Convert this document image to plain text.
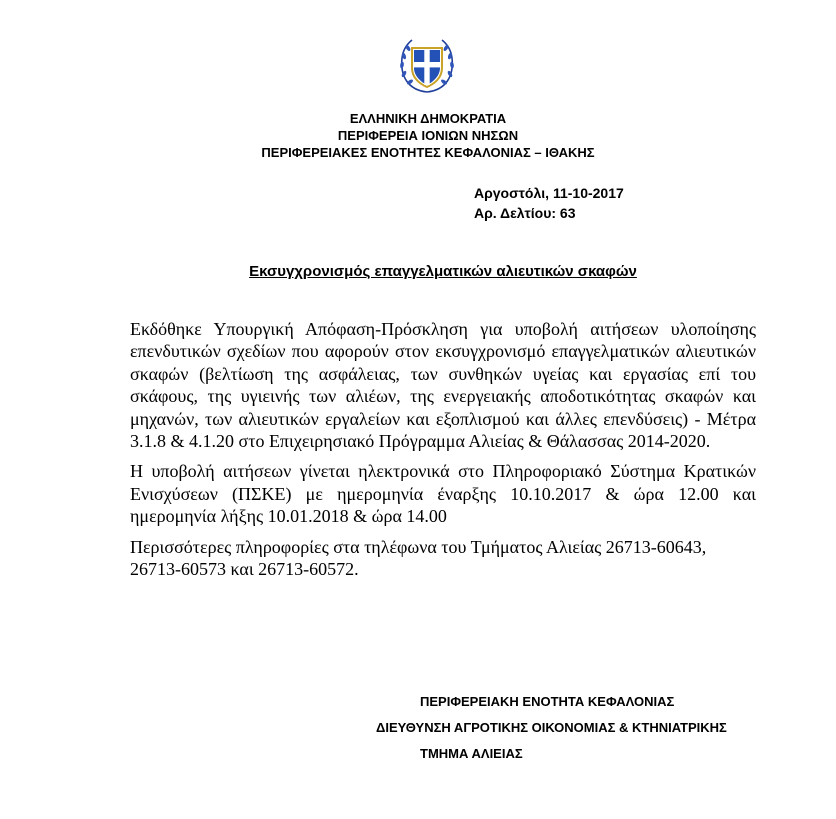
ΕΛΛΗΝΙΚΗ ΔΗΜΟΚΡΑΤΙΑ
ΠΕΡΙΦΕΡΕΙΑ ΙΟΝΙΩΝ ΝΗΣΩΝ
ΠΕΡΙΦΕΡΕΙΑΚΕΣ ΕΝΟΤΗΤΕΣ ΚΕΦΑΛΟΝΙΑΣ – ΙΘΑΚΗΣ
Αργοστόλι, 11-10-2017
Αρ. Δελτίου: 63
Εκσυγχρονισμός επαγγελματικών αλιευτικών σκαφών

Εκδόθηκε Υπουργική Απόφαση-Πρόσκληση για υποβολή αιτήσεων υλοποίησης επενδυτικών σχεδίων που αφορούν στον εκσυγχρονισμό επαγγελματικών αλιευτικών σκαφών (βελτίωση της ασφάλειας, των συνθηκών υγείας και εργασίας επί του σκάφους, της υγιεινής των αλιέων, της ενεργειακής αποδοτικότητας σκαφών και μηχανών, των αλιευτικών εργαλείων και εξοπλισμού και άλλες επενδύσεις) - Μέτρα 3.1.8 & 4.1.20 στο Επιχειρησιακό Πρόγραμμα Αλιείας & Θάλασσας 2014-2020.

Η υποβολή αιτήσεων γίνεται ηλεκτρονικά στο Πληροφοριακό Σύστημα Κρατικών Ενισχύσεων (ΠΣΚΕ) με ημερομηνία έναρξης 10.10.2017 & ώρα 12.00 και ημερομηνία λήξης 10.01.2018 & ώρα 14.00

Περισσότερες πληροφορίες στα τηλέφωνα του Τμήματος Αλιείας 26713-60643, 26713-60573 και 26713-60572.

ΠΕΡΙΦΕΡΕΙΑΚΗ ΕΝΟΤΗΤΑ ΚΕΦΑΛΟΝΙΑΣ
ΔΙΕΥΘΥΝΣΗ ΑΓΡΟΤΙΚΗΣ ΟΙΚΟΝΟΜΙΑΣ & ΚΤΗΝΙΑΤΡΙΚΗΣ
ΤΜΗΜΑ ΑΛΙΕΙΑΣ
